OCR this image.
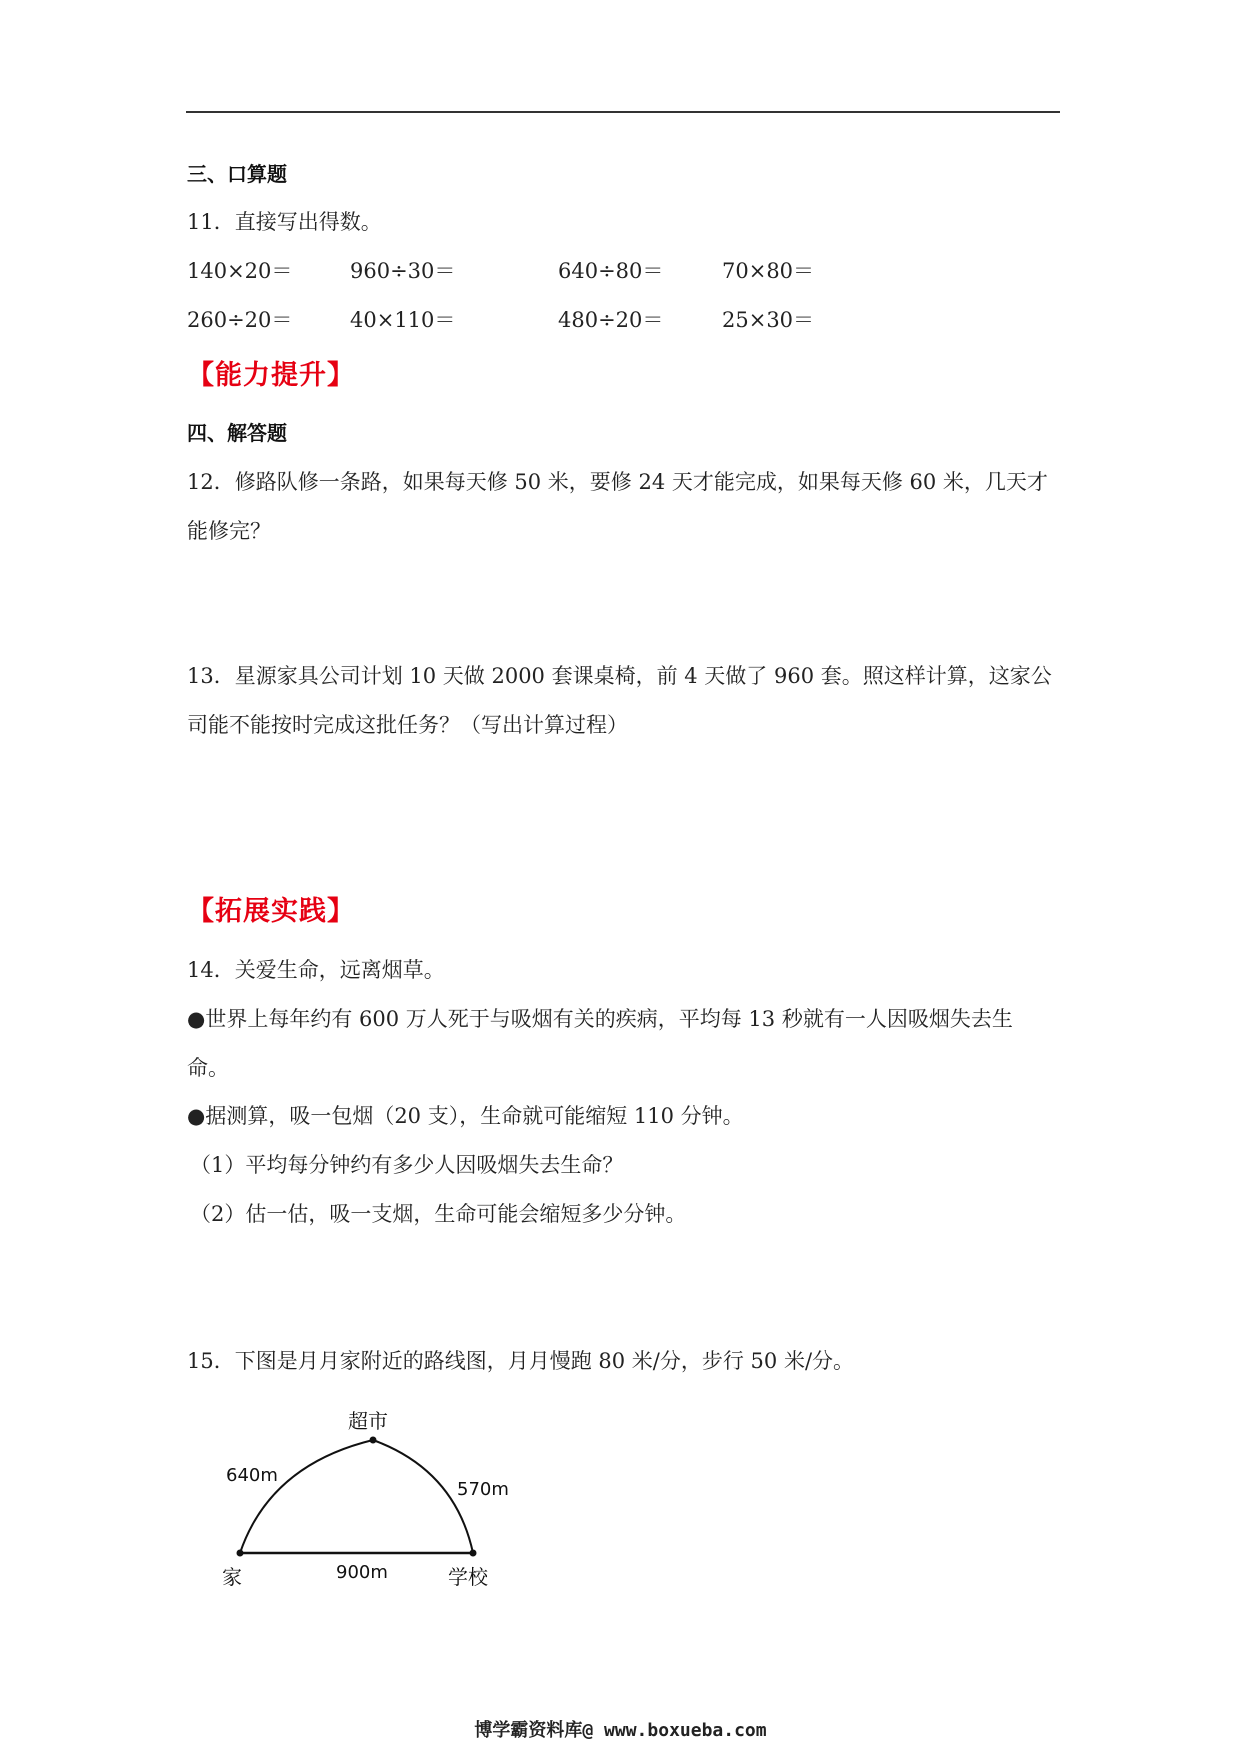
三、口算题
11．直接写出得数。
140×20＝	960÷30＝	640÷80＝	70×80＝
260÷20＝	40×110＝	480÷20＝	25×30＝
【能力提升】
四、解答题
12．修路队修一条路，如果每天修 50 米，要修 24 天才能完成，如果每天修 60 米，几天才
能修完？
13．星源家具公司计划 10 天做 2000 套课桌椅，前 4 天做了 960 套。照这样计算，这家公
司能不能按时完成这批任务？（写出计算过程）
【拓展实践】
14．关爱生命，远离烟草。
●世界上每年约有 600 万人死于与吸烟有关的疾病，平均每 13 秒就有一人因吸烟失去生
命。
●据测算，吸一包烟（20 支），生命就可能缩短 110 分钟。
（1）平均每分钟约有多少人因吸烟失去生命？
（2）估一估，吸一支烟，生命可能会缩短多少分钟。
15．下图是月月家附近的路线图，月月慢跑 80 米/分，步行 50 米/分。
超市
家	学校
640m
570m
900m
博学霸资料库@ www.boxueba.com
